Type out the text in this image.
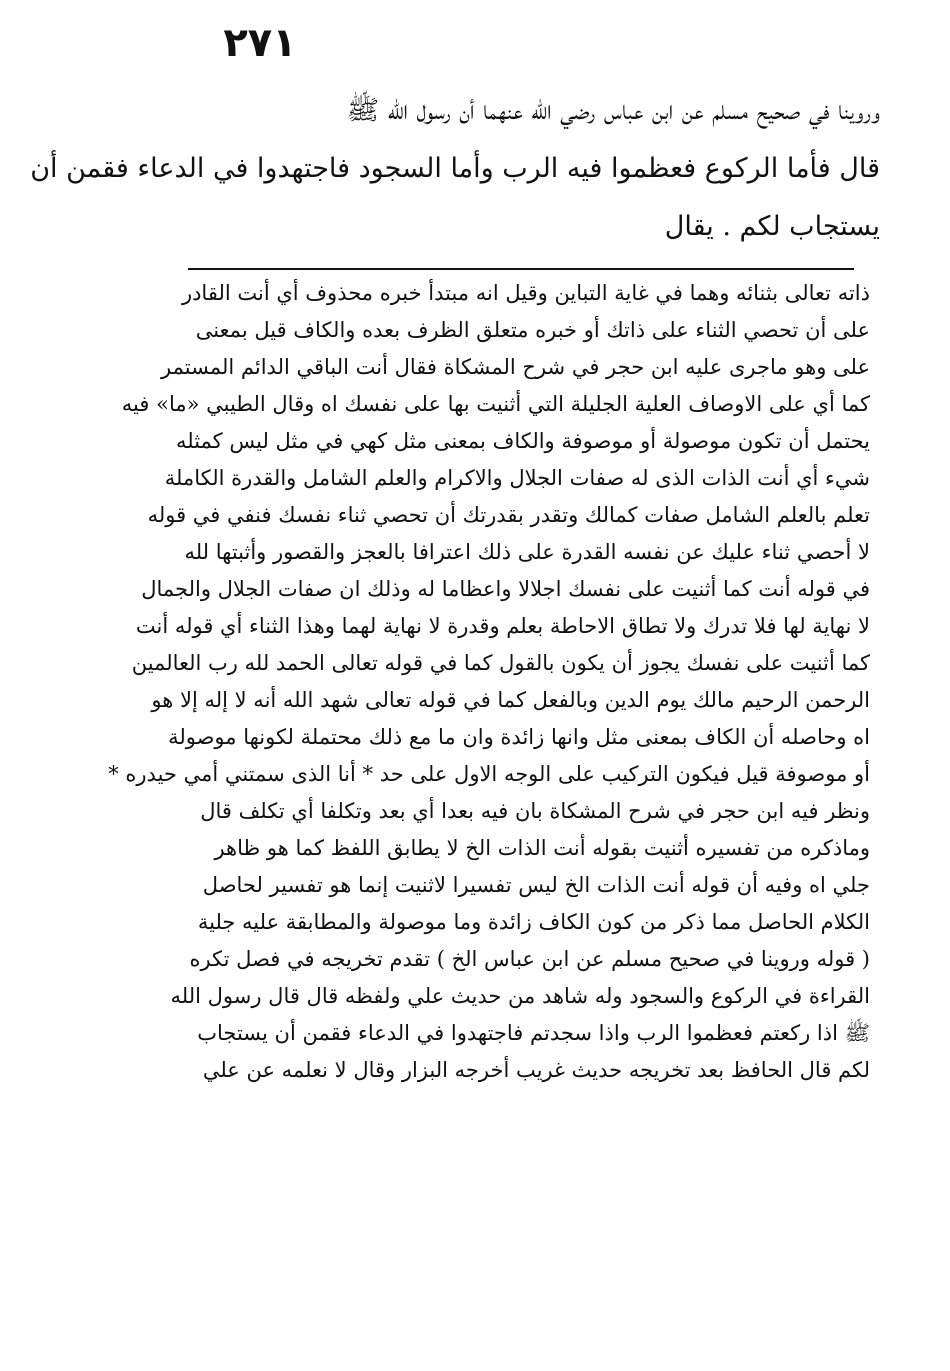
٢٧١
وروينا في صحيح مسلم عن ابن عباس رضي الله عنهما أن رسول الله ﷺ
قال فأما الركوع فعظموا فيه الرب وأما السجود فاجتهدوا في الدعاء فقمن أن
يستجاب لكم . يقال
ذاته تعالى بثنائه وهما في غاية التباين وقيل انه مبتدأ خبره محذوف أي أنت القادر
على أن تحصي الثناء على ذاتك أو خبره متعلق الظرف بعده والكاف قيل بمعنى
على وهو ماجرى عليه ابن حجر في شرح المشكاة فقال أنت الباقي الدائم المستمر
كما أي على الاوصاف العلية الجليلة التي أثنيت بها على نفسك اه وقال الطيبي «ما» فيه
يحتمل أن تكون موصولة أو موصوفة والكاف بمعنى مثل كهي في مثل ليس كمثله
شيء أي أنت الذات الذى له صفات الجلال والاكرام والعلم الشامل والقدرة الكاملة
تعلم بالعلم الشامل صفات كمالك وتقدر بقدرتك أن تحصي ثناء نفسك فنفي في قوله
لا أحصي ثناء عليك عن نفسه القدرة على ذلك اعترافا بالعجز والقصور وأثبتها لله
في قوله أنت كما أثنيت على نفسك اجلالا واعظاما له وذلك ان صفات الجلال والجمال
لا نهاية لها فلا تدرك ولا تطاق الاحاطة بعلم وقدرة لا نهاية لهما وهذا الثناء أي قوله أنت
كما أثنيت على نفسك يجوز أن يكون بالقول كما في قوله تعالى الحمد لله رب العالمين
الرحمن الرحيم مالك يوم الدين وبالفعل كما في قوله تعالى شهد الله أنه لا إله إلا هو
اه وحاصله أن الكاف بمعنى مثل وانها زائدة وان ما مع ذلك محتملة لكونها موصولة
أو موصوفة قيل فيكون التركيب على الوجه الاول على حد * أنا الذى سمتني أمي حيدره *
ونظر فيه ابن حجر في شرح المشكاة بان فيه بعدا أي بعد وتكلفا أي تكلف قال
وماذكره من تفسيره أثنيت بقوله أنت الذات الخ لا يطابق اللفظ كما هو ظاهر
جلي اه وفيه أن قوله أنت الذات الخ ليس تفسيرا لاثنيت إنما هو تفسير لحاصل
الكلام الحاصل مما ذكر من كون الكاف زائدة وما موصولة والمطابقة عليه جلية
( قوله وروينا في صحيح مسلم عن ابن عباس الخ ) تقدم تخريجه في فصل تكره
القراءة في الركوع والسجود وله شاهد من حديث علي ولفظه قال قال رسول الله
ﷺ اذا ركعتم فعظموا الرب واذا سجدتم فاجتهدوا في الدعاء فقمن أن يستجاب
لكم قال الحافظ بعد تخريجه حديث غريب أخرجه البزار وقال لا نعلمه عن علي
